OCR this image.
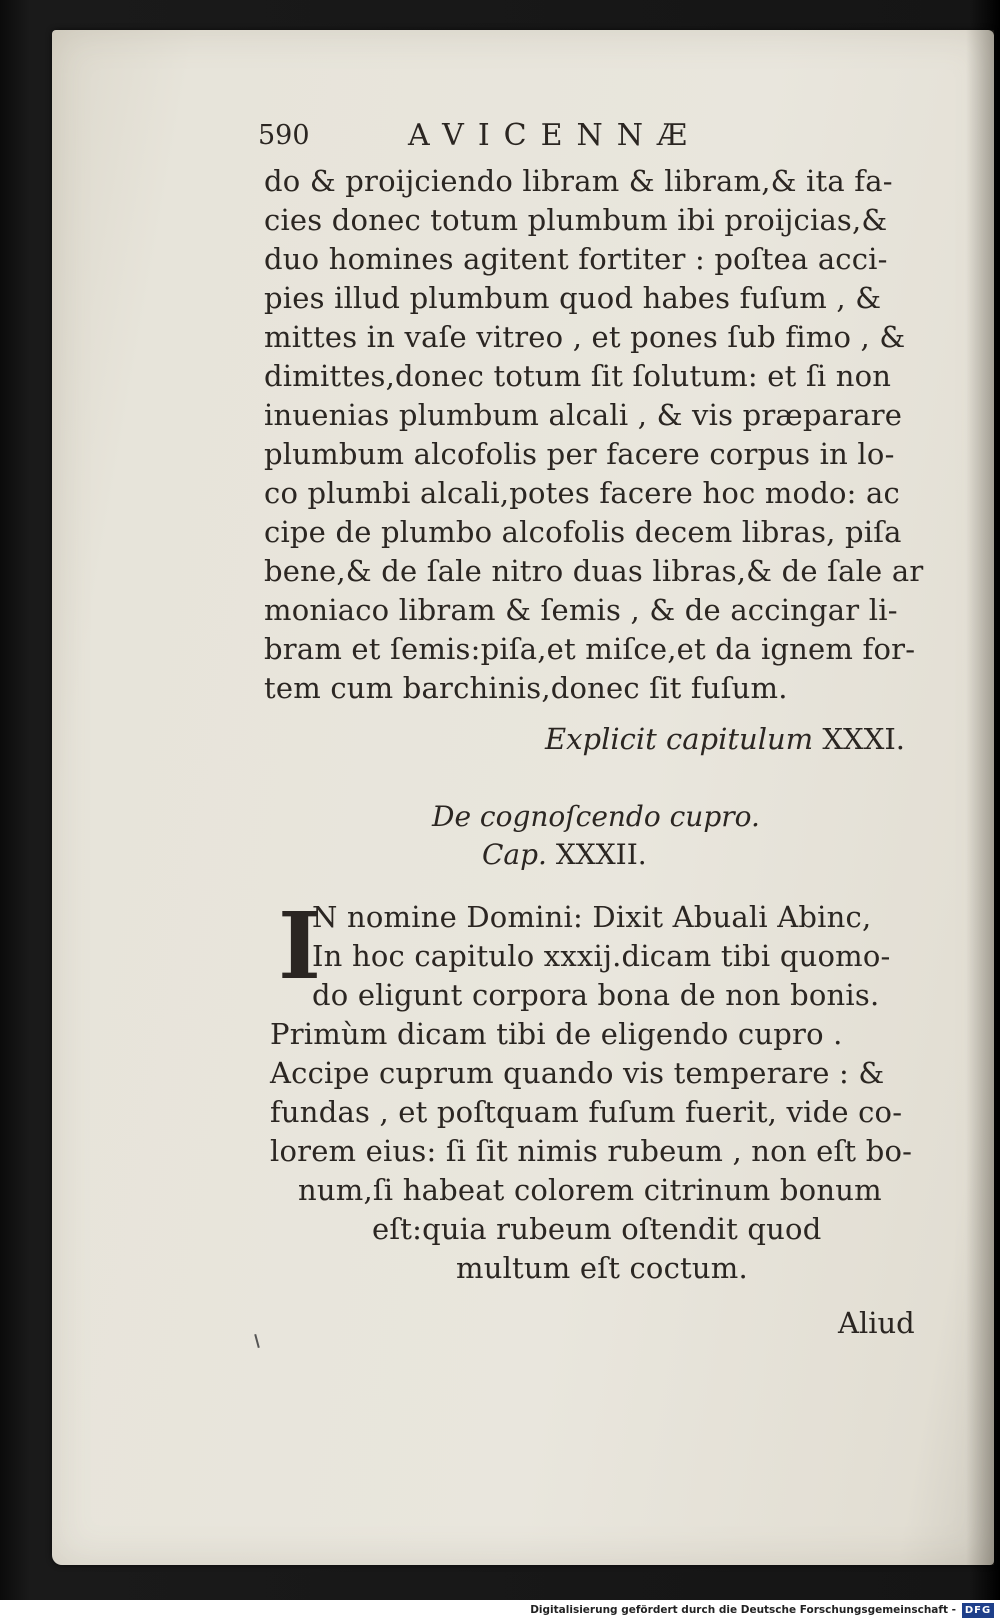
590	AVICENNÆ
do & proijciendo libram & libram,& ita fa-
cies donec totum plumbum ibi proijcias,&
duo homines agitent fortiter : poſtea acci-
pies illud plumbum quod habes fuſum , &
mittes in vaſe vitreo , et pones ſub fimo , &
dimittes,donec totum ſit ſolutum: et ſi non
inuenias plumbum alcali , & vis præparare
plumbum alcofolis per facere corpus in lo-
co plumbi alcali,potes facere hoc modo: ac
cipe de plumbo alcofolis decem libras, piſa
bene,& de ſale nitro duas libras,& de ſale ar
moniaco libram & ſemis , & de accingar li-
bram et ſemis:piſa,et miſce,et da ignem for-
tem cum barchinis,donec ſit fuſum.
Explicit capitulum XXXI.
De cognoſcendo cupro.
Cap. XXXII.
I
N nomine Domini: Dixit Abuali Abinc,
In hoc capitulo xxxij.dicam tibi quomo-
do eligunt corpora bona de non bonis.
Primùm dicam tibi de eligendo cupro .
Accipe cuprum quando vis temperare : &
fundas , et poſtquam fuſum fuerit, vide co-
lorem eius: ſi ſit nimis rubeum , non eſt bo-
num,ſi habeat colorem citrinum bonum
eſt:quia rubeum oſtendit quod
multum eſt coctum.
Aliud
Digitalisierung gefördert durch die Deutsche Forschungsgemeinschaft - DFG
